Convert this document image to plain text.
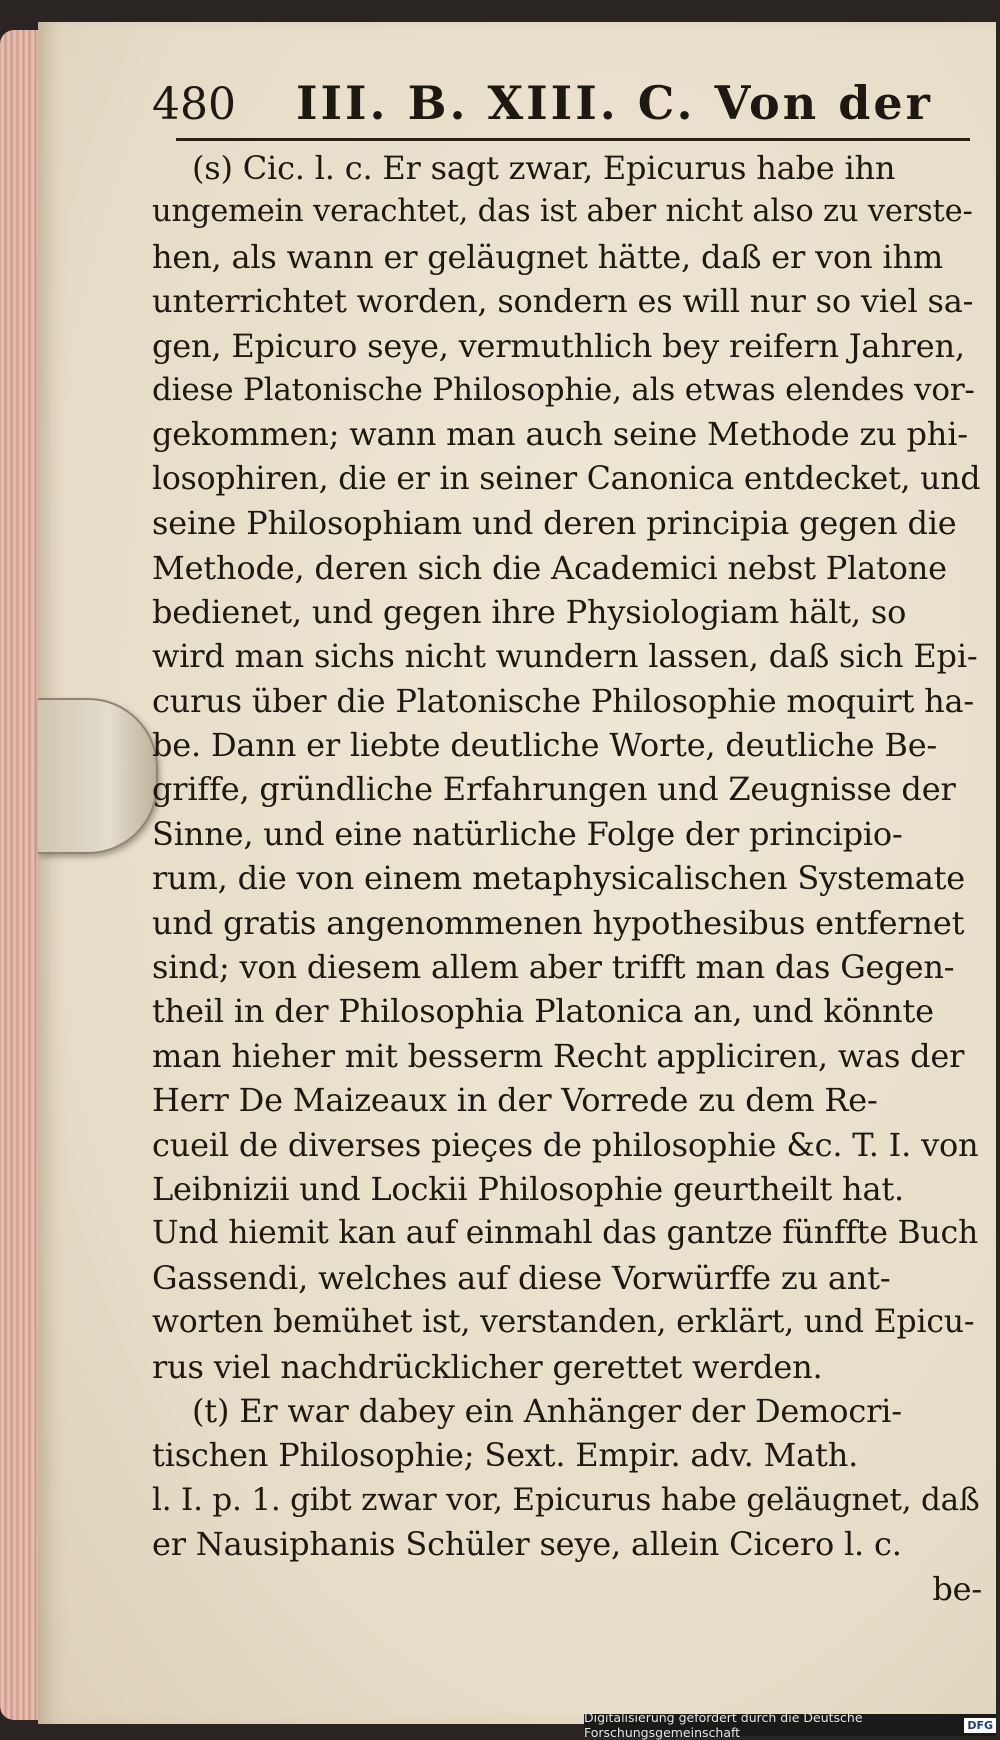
480 III. B. XIII. C. Von der
(s) Cic. l. c. Er sagt zwar, Epicurus habe ihn
ungemein verachtet, das ist aber nicht also zu verste-
hen, als wann er geläugnet hätte, daß er von ihm
unterrichtet worden, sondern es will nur so viel sa-
gen, Epicuro seye, vermuthlich bey reifern Jahren,
diese Platonische Philosophie, als etwas elendes vor-
gekommen; wann man auch seine Methode zu phi-
losophiren, die er in seiner Canonica entdecket, und
seine Philosophiam und deren principia gegen die
Methode, deren sich die Academici nebst Platone
bedienet, und gegen ihre Physiologiam hält, so
wird man sichs nicht wundern lassen, daß sich Epi-
curus über die Platonische Philosophie moquirt ha-
be. Dann er liebte deutliche Worte, deutliche Be-
griffe, gründliche Erfahrungen und Zeugnisse der
Sinne, und eine natürliche Folge der principio-
rum, die von einem metaphysicalischen Systemate
und gratis angenommenen hypothesibus entfernet
sind; von diesem allem aber trifft man das Gegen-
theil in der Philosophia Platonica an, und könnte
man hieher mit besserm Recht appliciren, was der
Herr De Maizeaux in der Vorrede zu dem Re-
cueil de diverses pieçes de philosophie &c. T. I. von
Leibnizii und Lockii Philosophie geurtheilt hat.
Und hiemit kan auf einmahl das gantze fünffte Buch
Gassendi, welches auf diese Vorwürffe zu ant-
worten bemühet ist, verstanden, erklärt, und Epicu-
rus viel nachdrücklicher gerettet werden.
(t) Er war dabey ein Anhänger der Democri-
tischen Philosophie; Sext. Empir. adv. Math.
l. I. p. 1. gibt zwar vor, Epicurus habe geläugnet, daß
er Nausiphanis Schüler seye, allein Cicero l. c.
be-
Digitalisierung gefördert durch die Deutsche Forschungsgemeinschaft	DFG
